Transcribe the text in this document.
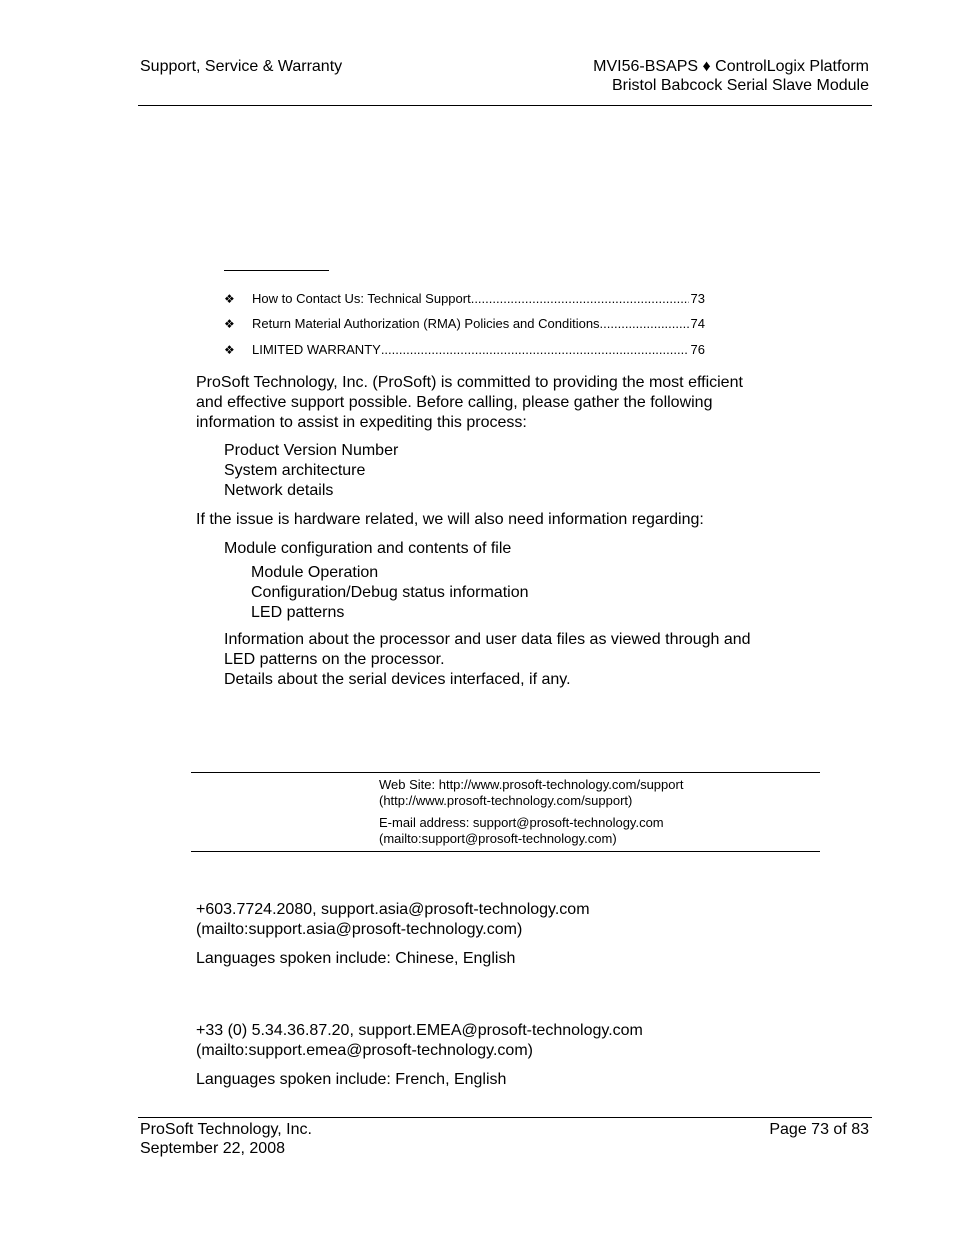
Support, Service & Warranty	MVI56-BSAPS ♦ ControlLogix Platform
Bristol Babcock Serial Slave Module
❖	How to Contact Us: Technical Support .....	73
❖	Return Material Authorization (RMA) Policies and Conditions .....	74
❖	LIMITED WARRANTY .....	76
ProSoft Technology, Inc. (ProSoft) is committed to providing the most efficient
and effective support possible. Before calling, please gather the following
information to assist in expediting this process:
Product Version Number
System architecture
Network details
If the issue is hardware related, we will also need information regarding:
Module configuration and contents of file
Module Operation
Configuration/Debug status information
LED patterns
Information about the processor and user data files as viewed through and
LED patterns on the processor.
Details about the serial devices interfaced, if any.
Web Site: http://www.prosoft-technology.com/support
(http://www.prosoft-technology.com/support)
E-mail address: support@prosoft-technology.com
(mailto:support@prosoft-technology.com)
+603.7724.2080, support.asia@prosoft-technology.com
(mailto:support.asia@prosoft-technology.com)
Languages spoken include: Chinese, English
+33 (0) 5.34.36.87.20, support.EMEA@prosoft-technology.com
(mailto:support.emea@prosoft-technology.com)
Languages spoken include: French, English
ProSoft Technology, Inc.
September 22, 2008
Page 73 of 83
